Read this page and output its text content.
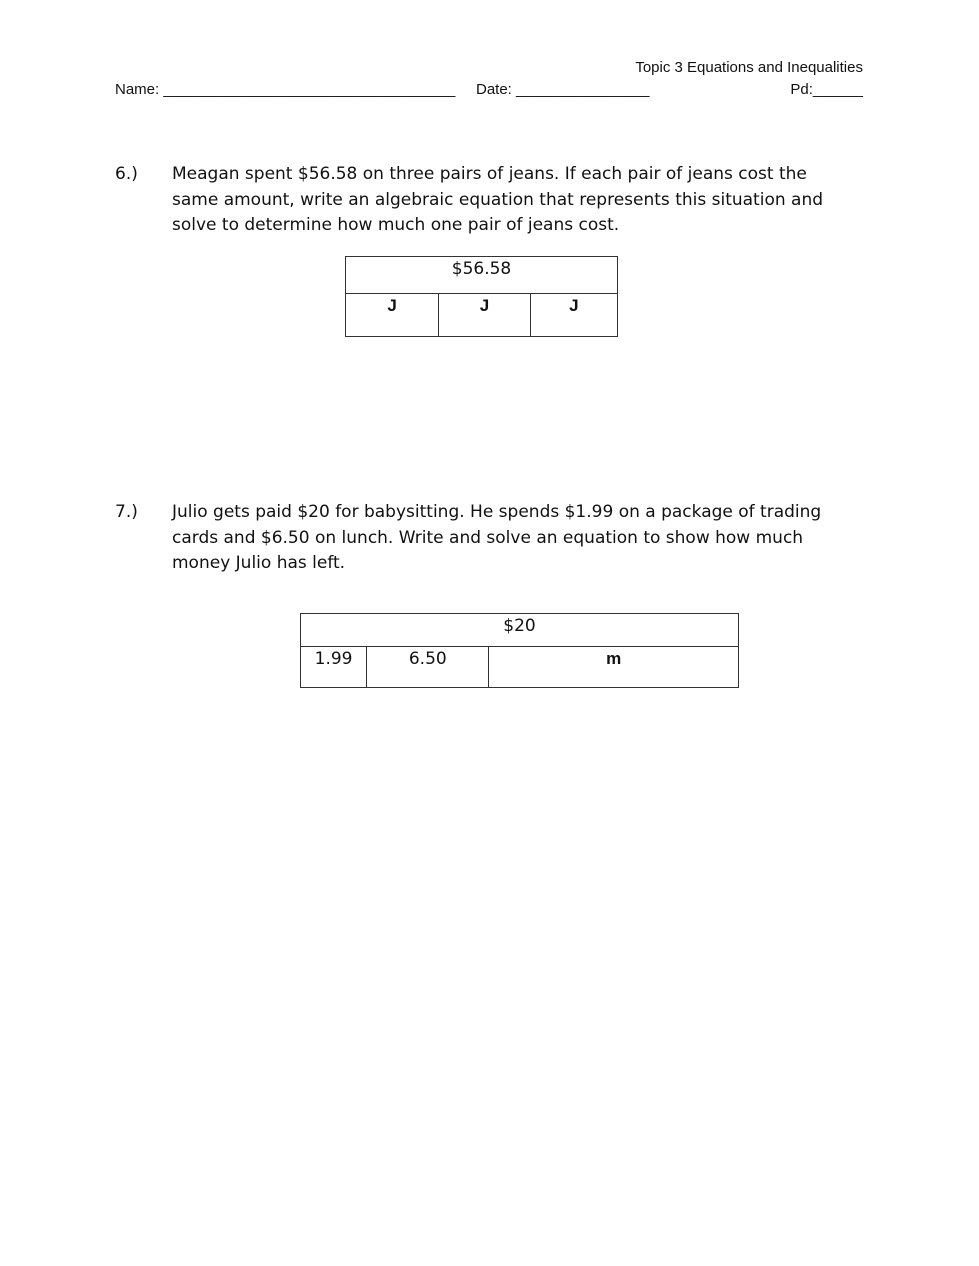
Topic 3 Equations and Inequalities
Name: ___________________________________ Date: ________________	Pd:______
6.) Meagan spent $56.58 on three pairs of jeans. If each pair of jeans cost the same amount, write an algebraic equation that represents this situation and solve to determine how much one pair of jeans cost.
$56.58
J	J	J
7.) Julio gets paid $20 for babysitting. He spends $1.99 on a package of trading cards and $6.50 on lunch. Write and solve an equation to show how much money Julio has left.
$20
1.99	6.50	m
